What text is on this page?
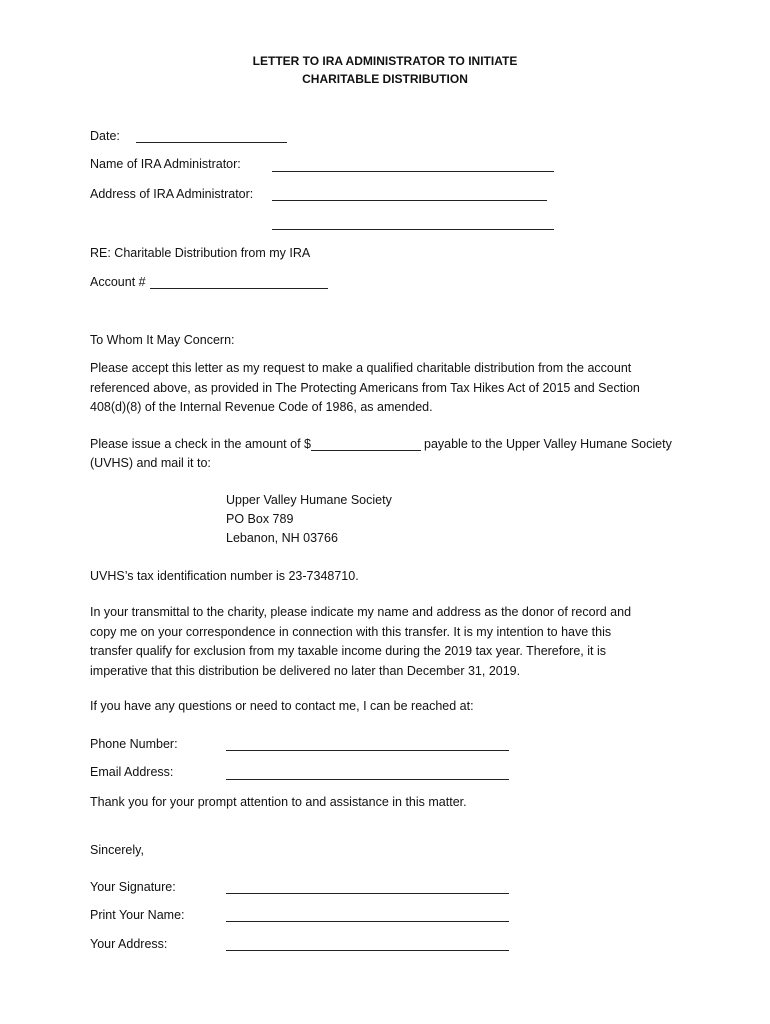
LETTER TO IRA ADMINISTRATOR TO INITIATE
CHARITABLE DISTRIBUTION
Date:
Name of IRA Administrator:
Address of IRA Administrator:
RE: Charitable Distribution from my IRA
Account #
To Whom It May Concern:
Please accept this letter as my request to make a qualified charitable distribution from the account
referenced above, as provided in The Protecting Americans from Tax Hikes Act of 2015 and Section
408(d)(8) of the Internal Revenue Code of 1986, as amended.
Please issue a check in the amount of $	payable to the Upper Valley Humane Society
(UVHS) and mail it to:
Upper Valley Humane Society
PO Box 789
Lebanon, NH 03766
UVHS’s tax identification number is 23-7348710.
In your transmittal to the charity, please indicate my name and address as the donor of record and
copy me on your correspondence in connection with this transfer. It is my intention to have this
transfer qualify for exclusion from my taxable income during the 2019 tax year. Therefore, it is
imperative that this distribution be delivered no later than December 31, 2019.
If you have any questions or need to contact me, I can be reached at:
Phone Number:
Email Address:
Thank you for your prompt attention to and assistance in this matter.
Sincerely,
Your Signature:
Print Your Name:
Your Address:
